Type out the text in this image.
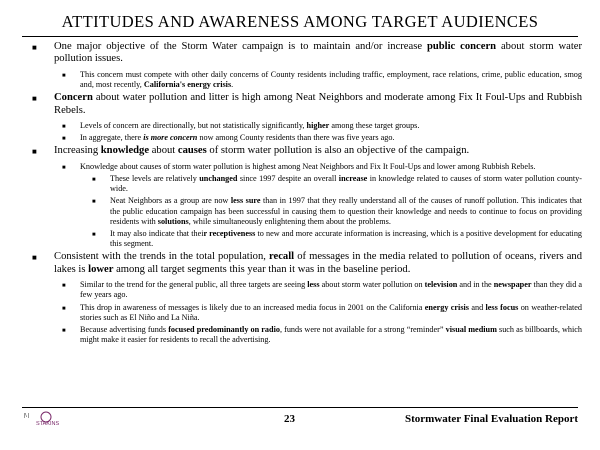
ATTITUDES AND AWARENESS AMONG TARGET AUDIENCES
■ One major objective of the Storm Water campaign is to maintain and/or increase public concern about storm water pollution issues.
■ This concern must compete with other daily concerns of County residents including traffic, employment, race relations, crime, public education, smog and, most recently, California's energy crisis.
■ Concern about water pollution and litter is high among Neat Neighbors and moderate among Fix It Foul-Ups and Rubbish Rebels.
■ Levels of concern are directionally, but not statistically significantly, higher among these target groups.
■ In aggregate, there is more concern now among County residents than there was five years ago.
■ Increasing knowledge about causes of storm water pollution is also an objective of the campaign.
■ Knowledge about causes of storm water pollution is highest among Neat Neighbors and Fix It Foul-Ups and lower among Rubbish Rebels.
■ These levels are relatively unchanged since 1997 despite an overall increase in knowledge related to causes of storm water pollution county-wide.
■ Neat Neighbors as a group are now less sure than in 1997 that they really understand all of the causes of runoff pollution. This indicates that the public education campaign has been successful in causing them to question their knowledge and needs to continue to focus on providing residents with solutions, while simultaneously enlightening them about the problems.
■ It may also indicate that their receptiveness to new and more accurate information is increasing, which is a positive development for educating this segment.
■ Consistent with the trends in the total population, recall of messages in the media related to pollution of oceans, rivers and lakes is lower among all target segments this year than it was in the baseline period.
■ Similar to the trend for the general public, all three targets are seeing less about storm water pollution on television and in the newspaper than they did a few years ago.
■ This drop in awareness of messages is likely due to an increased media focus in 2001 on the California energy crisis and less focus on weather-related stories such as El Niño and La Niña.
■ Because advertising funds focused predominantly on radio, funds were not available for a strong “reminder” visual medium such as billboards, which might make it easier for residents to recall the advertising.
|\ |
STAKINS	23	Stormwater Final Evaluation Report
